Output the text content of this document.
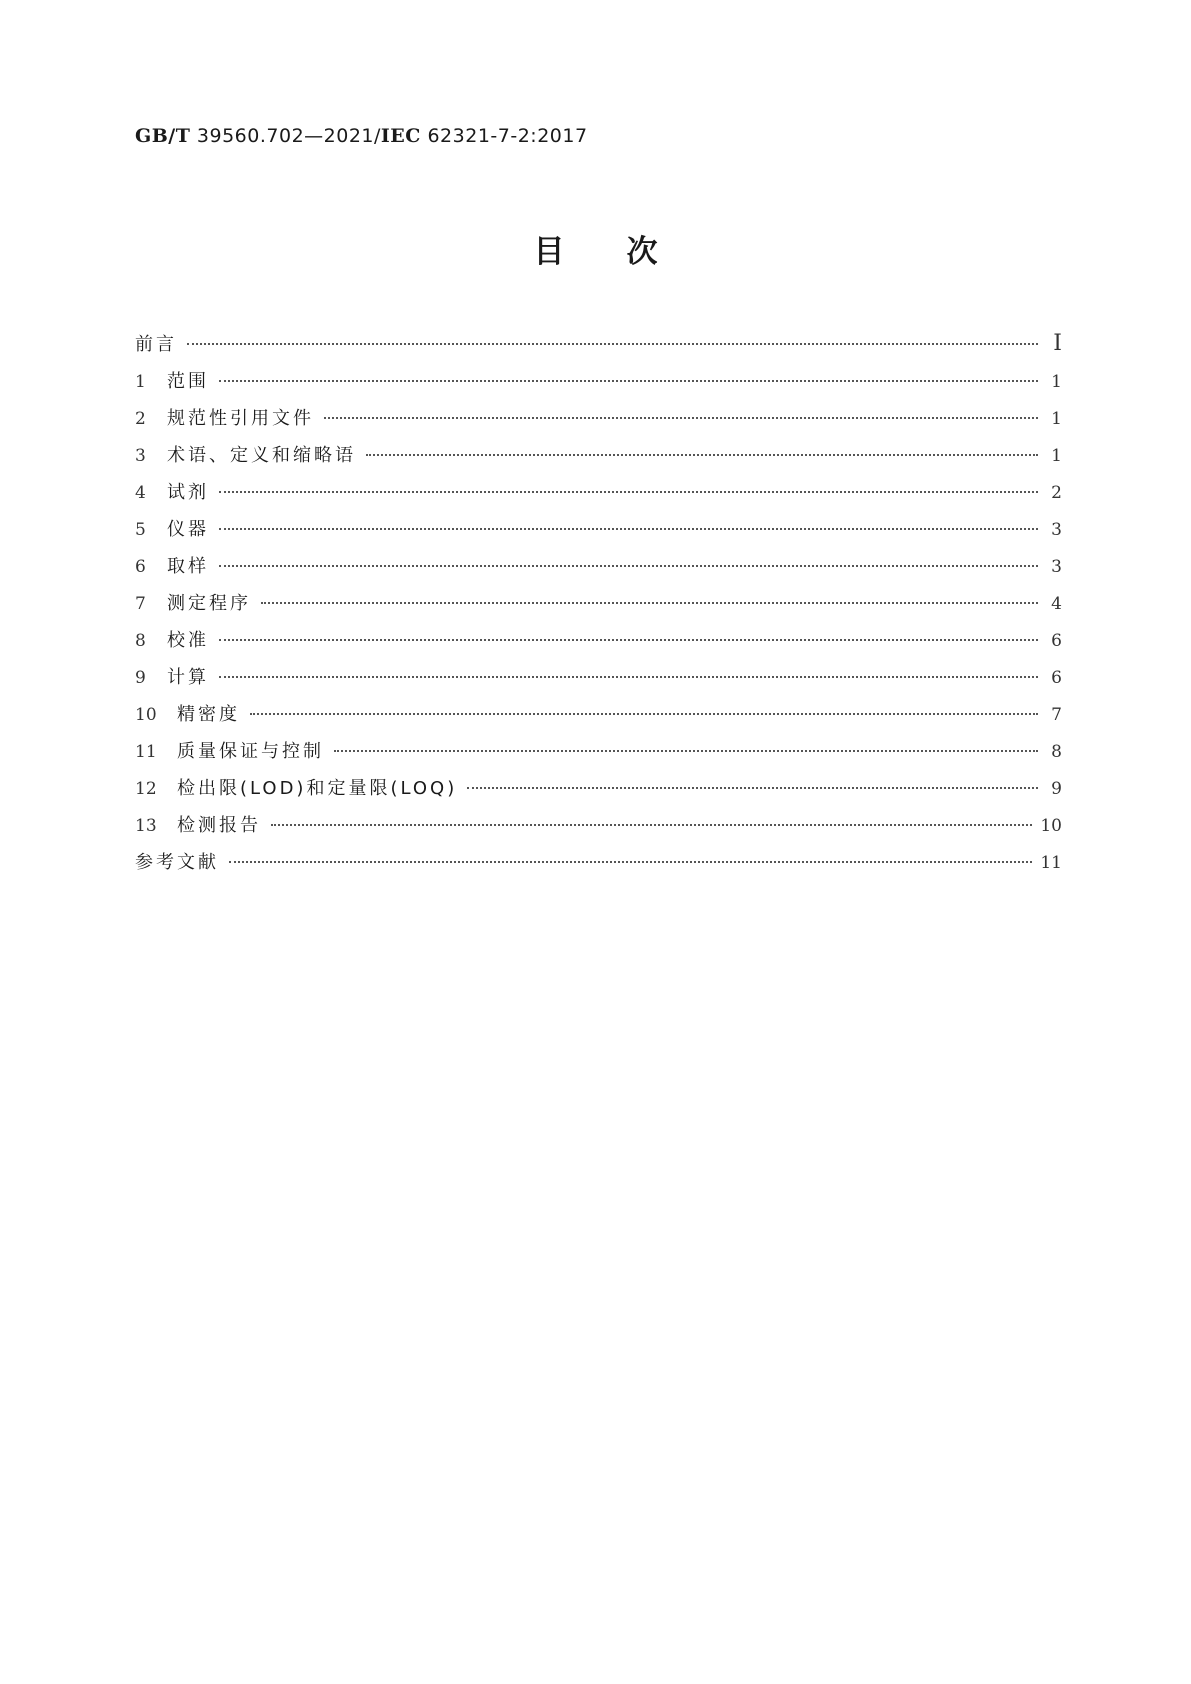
GB/T 39560.702—2021/IEC 62321-7-2:2017
目次
前言	Ⅰ
1	范围	1
2	规范性引用文件	1
3	术语、定义和缩略语	1
4	试剂	2
5	仪器	3
6	取样	3
7	测定程序	4
8	校准	6
9	计算	6
10	精密度	7
11	质量保证与控制	8
12	检出限(LOD)和定量限(LOQ)	9
13	检测报告	10
参考文献	11
